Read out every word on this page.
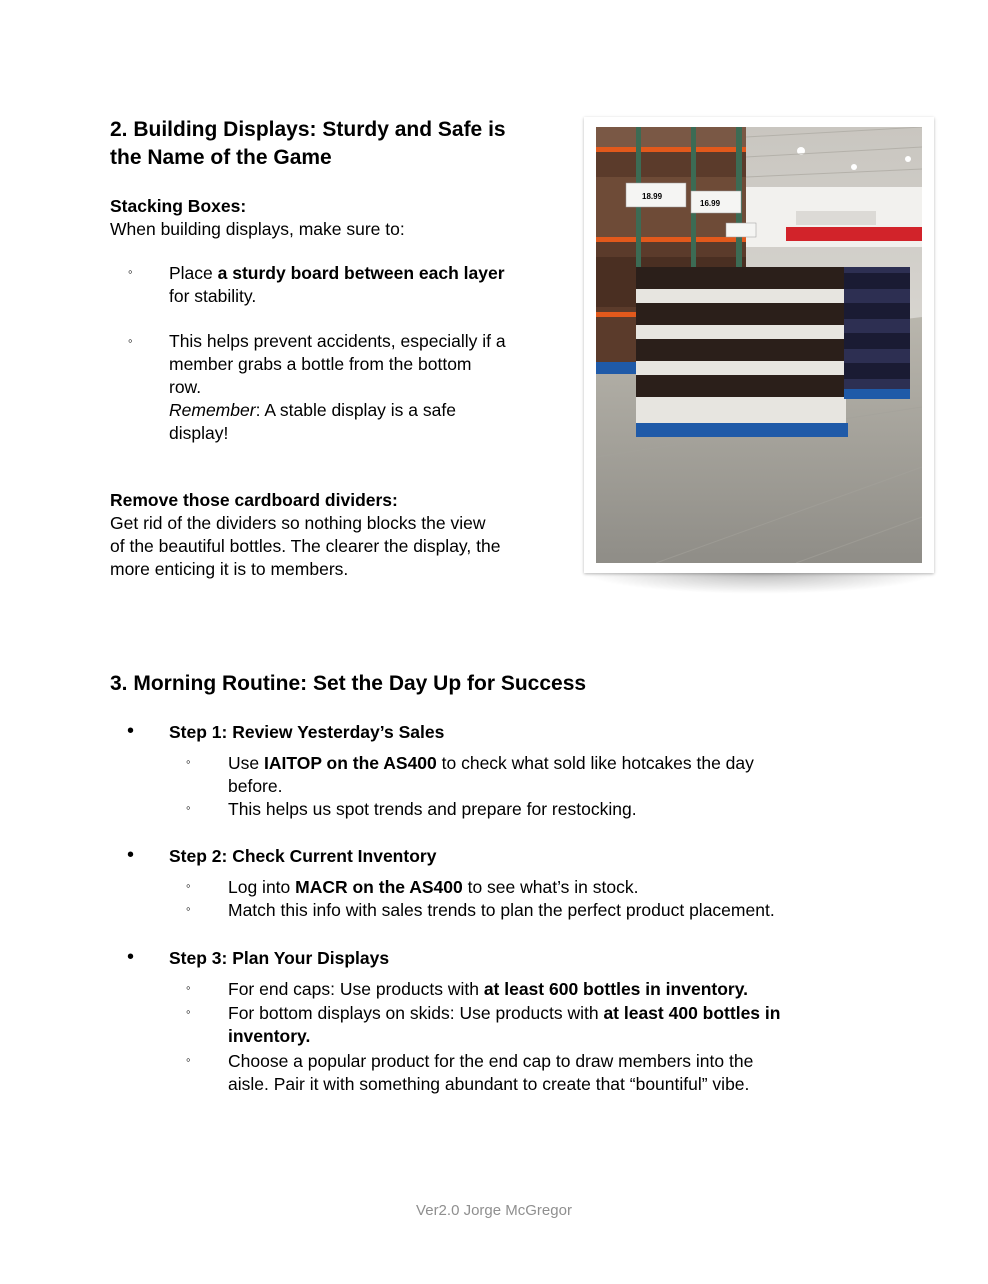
2. Building Displays: Sturdy and Safe is
the Name of the Game
Stacking Boxes:
When building displays, make sure to:
◦ Place a sturdy board between each layer
for stability.
◦ This helps prevent accidents, especially if a
member grabs a bottle from the bottom
row.
Remember: A stable display is a safe
display!
Remove those cardboard dividers:
Get rid of the dividers so nothing blocks the view
of the beautiful bottles. The clearer the display, the
more enticing it is to members.
18.99
16.99
3. Morning Routine: Set the Day Up for Success
• Step 1: Review Yesterday’s Sales
◦ Use IAITOP on the AS400 to check what sold like hotcakes the day
before.
◦ This helps us spot trends and prepare for restocking.
• Step 2: Check Current Inventory
◦ Log into MACR on the AS400 to see what’s in stock.
◦ Match this info with sales trends to plan the perfect product placement.
• Step 3: Plan Your Displays
◦ For end caps: Use products with at least 600 bottles in inventory.
◦ For bottom displays on skids: Use products with at least 400 bottles in
inventory.
◦ Choose a popular product for the end cap to draw members into the
aisle. Pair it with something abundant to create that “bountiful” vibe.
Ver2.0 Jorge McGregor
